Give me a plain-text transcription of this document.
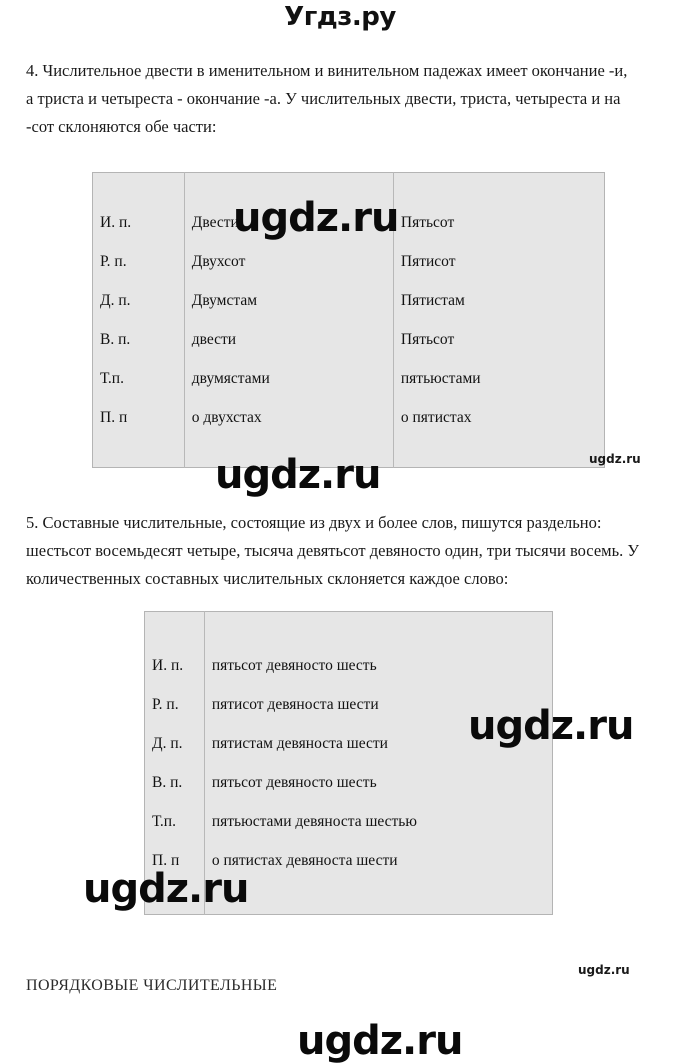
Угдз.ру

4. Числительное двести в именительном и винительном падежах имеет окончание -и, а триста и четыреста - окончание -а. У числительных двести, триста, четыреста и на -сот склоняются обе части:

И. п.	Двести	Пятьсот
Р. п.	Двухсот	Пятисот
Д. п.	Двумстам	Пятистам
В. п.	двести	Пятьсот
Т.п.	двумястами	пятьюстами
П. п	о двухстах	о пятистах

5. Составные числительные, состоящие из двух и более слов, пишутся раздельно: шестьсот восемьдесят четыре, тысяча девятьсот девяносто один, три тысячи восемь. У количественных составных числительных склоняется каждое слово:

И. п.	пятьсот девяносто шесть
Р. п.	пятисот девяноста шести
Д. п.	пятистам девяноста шести
В. п.	пятьсот девяносто шесть
Т.п.	пятьюстами девяноста шестью
П. п	о пятистах девяноста шести

ПОРЯДКОВЫЕ ЧИСЛИТЕЛЬНЫЕ
ugdz.ru
ugdz.ru
ugdz.ru
ugdz.ru
ugdz.ru
ugdz.ru
ugdz.ru
